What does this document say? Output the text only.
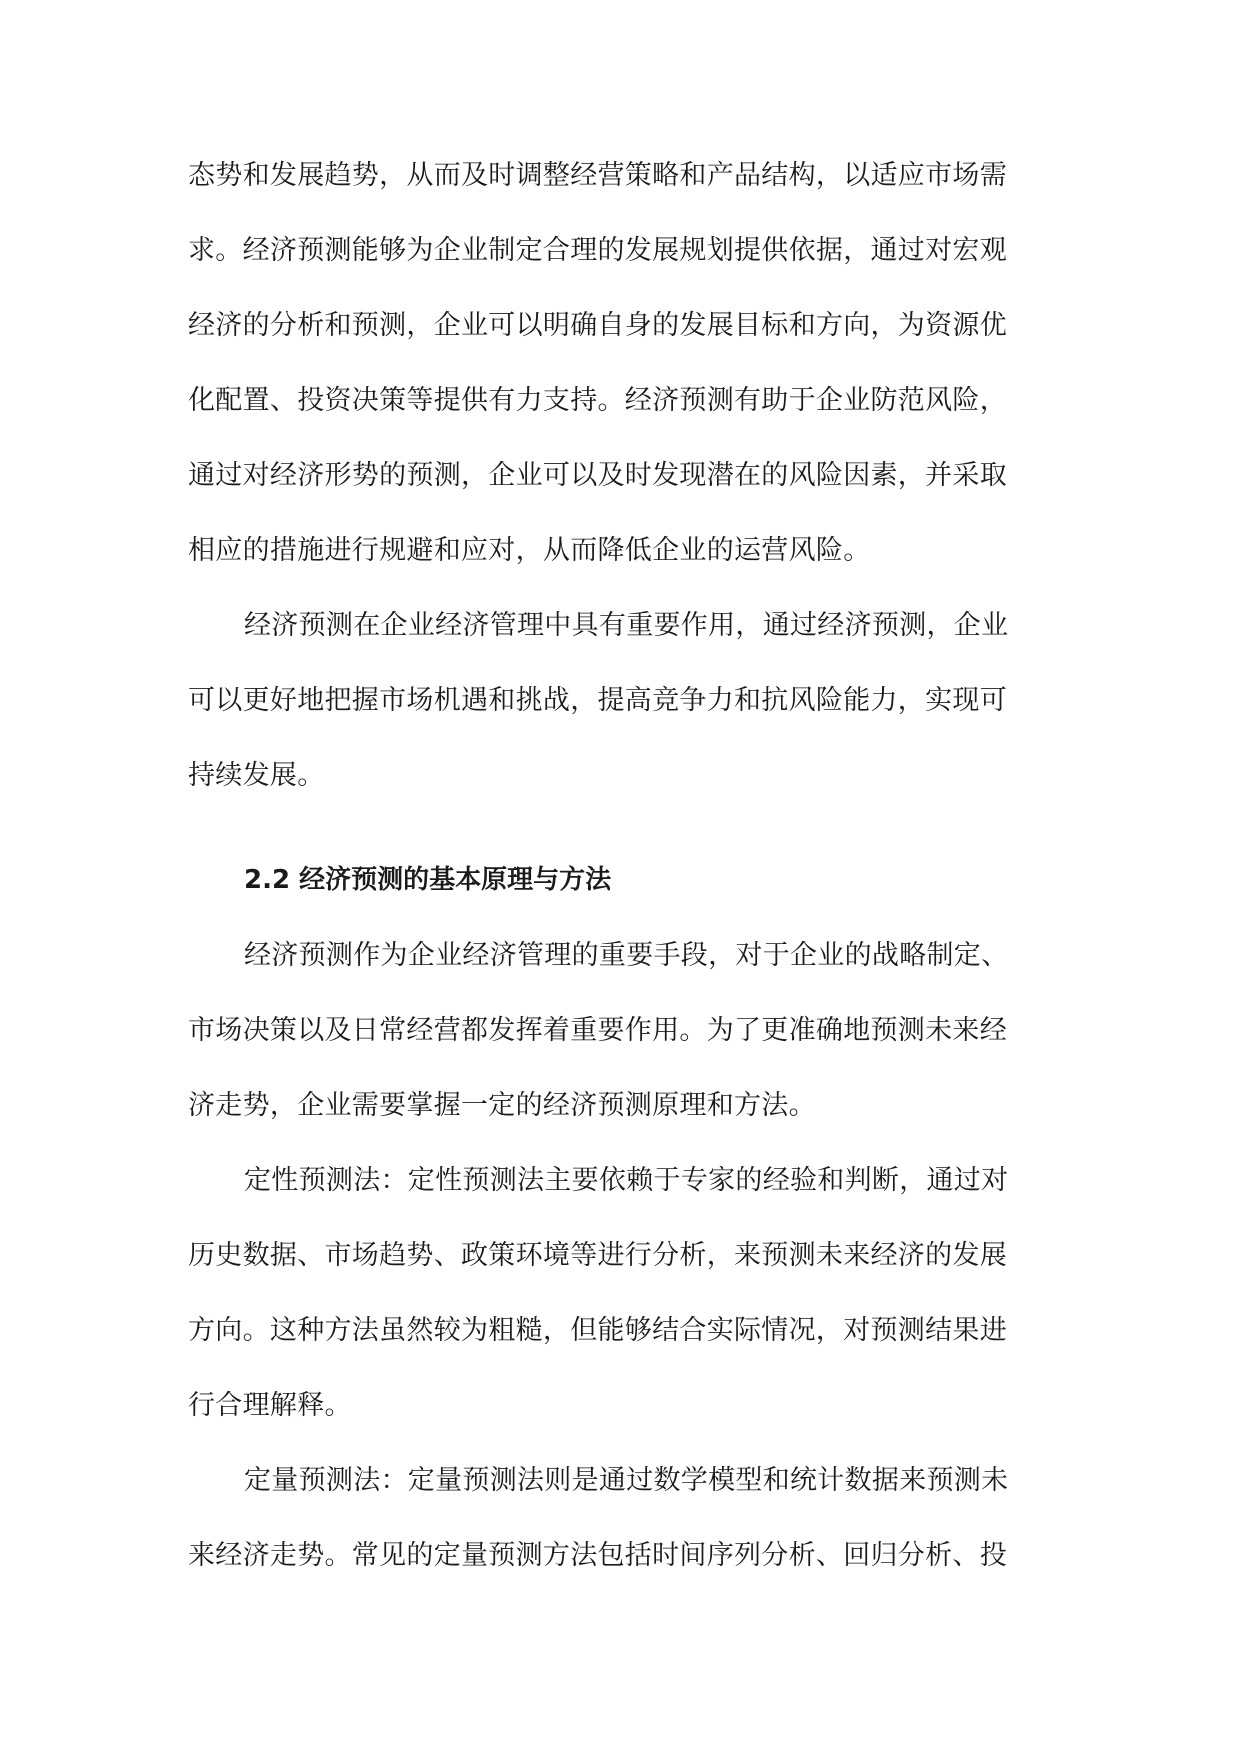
态势和发展趋势，从而及时调整经营策略和产品结构，以适应市场需
求。经济预测能够为企业制定合理的发展规划提供依据，通过对宏观
经济的分析和预测，企业可以明确自身的发展目标和方向，为资源优
化配置、投资决策等提供有力支持。经济预测有助于企业防范风险，
通过对经济形势的预测，企业可以及时发现潜在的风险因素，并采取
相应的措施进行规避和应对，从而降低企业的运营风险。
经济预测在企业经济管理中具有重要作用，通过经济预测，企业
可以更好地把握市场机遇和挑战，提高竞争力和抗风险能力，实现可
持续发展。
2.2 经济预测的基本原理与方法
经济预测作为企业经济管理的重要手段，对于企业的战略制定、
市场决策以及日常经营都发挥着重要作用。为了更准确地预测未来经
济走势，企业需要掌握一定的经济预测原理和方法。
定性预测法：定性预测法主要依赖于专家的经验和判断，通过对
历史数据、市场趋势、政策环境等进行分析，来预测未来经济的发展
方向。这种方法虽然较为粗糙，但能够结合实际情况，对预测结果进
行合理解释。
定量预测法：定量预测法则是通过数学模型和统计数据来预测未
来经济走势。常见的定量预测方法包括时间序列分析、回归分析、投
